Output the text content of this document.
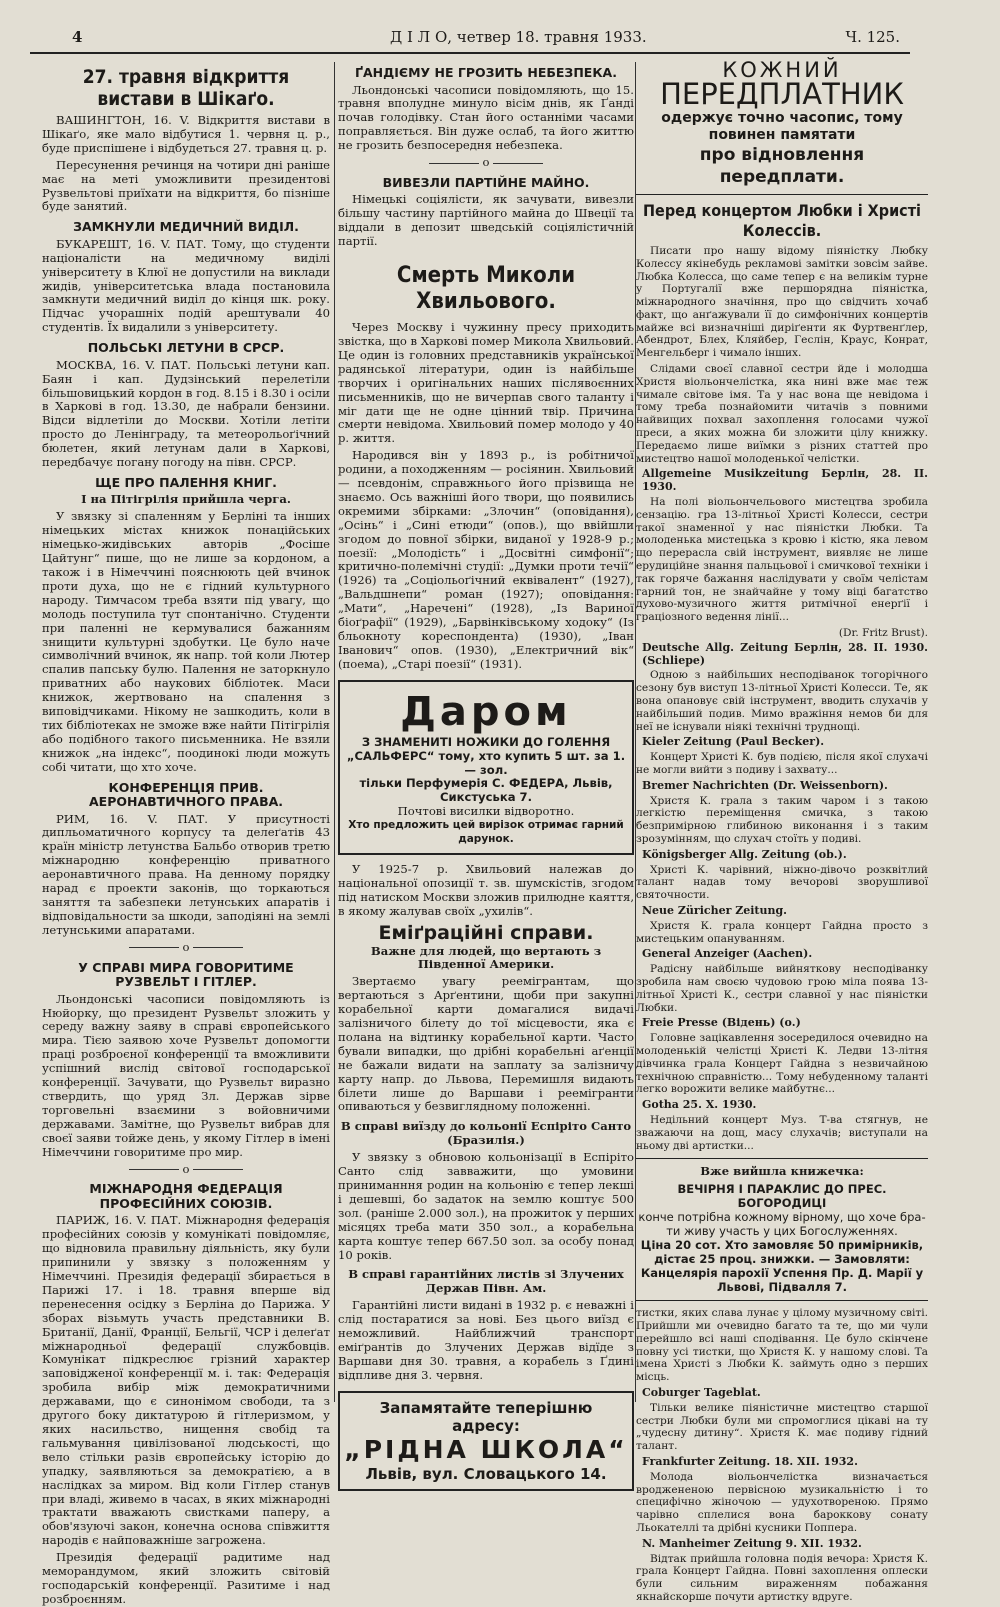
4	Д І Л О, четвер 18. травня 1933.	Ч. 125.
27. травня відкриття вистави в Шікаґо.

ВАШИНГТОН, 16. V. Відкриття вистави в Шікаґо, яке мало відбутися 1. червня ц. р., буде приспішене і відбудеться 27. травня ц. р.

Пересунення речинця на чотири дні раніше має на меті уможливити президентові Рузвельтові приїхати на відкриття, бо пізніше буде занятий.

ЗАМКНУЛИ МЕДИЧНИЙ ВИДІЛ.

БУКАРЕШТ, 16. V. ПАТ. Тому, що студенти націоналісти на медичному виділі університету в Клюї не допустили на виклади жидів, університетська влада постановила замкнути медичний виділ до кінця шк. року. Підчас учорашніх подій арештували 40 студентів. Їх видалили з університету.

ПОЛЬСЬКІ ЛЕТУНИ В СРСР.

МОСКВА, 16. V. ПАТ. Польські летуни кап. Баян і кап. Дудзінський перелетіли більшовицький кордон в год. 8.15 і 8.30 і осіли в Харкові в год. 13.30, де набрали бензини. Відси відлетіли до Москви. Хотіли летіти просто до Ленінграду, та метеорольоґічний бюлетен, який летунам дали в Харкові, передбачує погану погоду на півн. СРСР.

ЩЕ ПРО ПАЛЕННЯ КНИГ.
І на Пітігрілія прийшла черга.

У звязку зі спаленням у Берліні та інших німецьких містах книжок понаційських німецько-жидівських авторів „Фосіше Цайтунг“ пише, що не лише за кордоном, а також і в Німеччині пояснюють цей вчинок проти духа, що не є гідний культурного народу. Тимчасом треба взяти під увагу, що молодь поступила тут спонтанічно. Студенти при паленні не кермувалися бажанням знищити культурні здобутки. Це було наче символічний вчинок, як напр. той коли Лютер спалив папську булю. Палення не заторкнуло приватних або наукових бібліотек. Маси книжок, жертвовано на спалення з виповідчиками. Нікому не зашкодить, коли в тих бібліотеках не зможе вже найти Пітігрілія або подібного такого письменника. Не взяли книжок „на індекс“, поодинокі люди можуть собі читати, що хто хоче.

КОНФЕРЕНЦІЯ ПРИВ. АЕРОНАВТИЧНОГО ПРАВА.

РИМ, 16. V. ПАТ. У присутності дипльоматичного корпусу та делеґатів 43 країн міністр летунства Бальбо отворив третю міжнародню конференцію приватного аеронавтичного права. На денному порядку нарад є проекти законів, що торкаються заняття та забезпеки летунських апаратів і відповідальности за шкоди, заподіяні на землі летунськими апаратами.

o
У СПРАВІ МИРА ГОВОРИТИМЕ РУЗВЕЛЬТ І ГІТЛЕР.

Льондонські часописи повідомляють із Нюйорку, що президент Рузвельт зложить у середу важну заяву в справі європейського мира. Тією заявою хоче Рузвельт допомогти праці розброєної конференції та вможливити успішний вислід світової господарської конференції. Зачувати, що Рузвельт виразно ствердить, що уряд Зл. Держав зірве торговельні взаємини з войовничими державами. Замітне, що Рузвельт вибрав для своєї заяви тойже день, у якому Гітлер в імені Німеччини говоритиме про мир.

o
МІЖНАРОДНЯ ФЕДЕРАЦІЯ ПРОФЕСІЙНИХ СОЮЗІВ.

ПАРИЖ, 16. V. ПАТ. Міжнародня федерація професійних союзів у комунікаті повідомляє, що відновила правильну діяльність, яку були припинили у звязку з положенням у Німеччині. Президія федерації збирається в Парижі 17. і 18. травня вперше від перенесення осідку з Берліна до Парижа. У зборах візьмуть участь представники В. Британії, Данії, Франції, Бельгії, ЧСР і делеґат міжнародньої федерації службовців. Комунікат підкреслює грізний характер заповідженої конференції м. і. так: Федерація зробила вибір між демократичними державами, що є синонімом свободи, та з другого боку диктатурою й гітлеризмом, у яких насильство, нищення свобід та гальмування цивілізованої людськості, що вело стільки разів європейську історію до упадку, заявляються за демократією, а в наслідках за миром. Від коли Гітлер станув при владі, живемо в часах, в яких міжнародні трактати вважають свистками паперу, а обов'язуючі закон, конечна основа співжиття народів є найповажніше загрожена.

Президія федерації радитиме над меморандумом, який зложить світовій господарській конференції. Разитиме і над розброєнням.

ҐАНДІЄМУ НЕ ГРОЗИТЬ НЕБЕЗПЕКА.

Льондонські часописи повідомляють, що 15. травня вполудне минуло вісім днів, як Ґанді почав голодівку. Стан його останніми часами поправляється. Він дуже ослаб, та його життю не грозить безпосередня небезпека.

o
ВИВЕЗЛИ ПАРТІЙНЕ МАЙНО.

Німецькі соціялісти, як зачувати, вивезли більшу частину партійного майна до Швеції та віддали в депозит шведській соціялістичній партії.

Смерть Миколи Хвильового.

Через Москву і чужинну пресу приходить звістка, що в Харкові помер Микола Хвильовий. Це один із головних представників української радянської літератури, один із найбільше творчих і оригінальних наших післявоєнних письменників, що не вичерпав свого таланту і міг дати ще не одне цінний твір. Причина смерти невідома. Хвильовий помер молодо у 40 р. життя.

Народився він у 1893 р., із робітничої родини, а походженням — росіянин. Хвильовий — псевдонім, справжнього його прізвища не знаємо. Ось важніші його твори, що появились окремими збірками: „Злочин“ (оповідання), „Осінь“ і „Сині етюди“ (опов.), що ввійшли згодом до повної збірки, виданої у 1928-9 р.; поезії: „Молодість“ і „Досвітні симфонії“; критично-полемічні студії: „Думки проти течії“ (1926) та „Соціольоґічний еквівалент“ (1927), „Вальдшнепи“ роман (1927); оповідання: „Мати“, „Наречені“ (1928), „Із Вариної біоґрафії“ (1929), „Барвінківському ходоку“ (Із бльокноту кореспондента) (1930), „Іван Іванович“ опов. (1930), „Електричний вік“ (поема), „Старі поезії“ (1931).

Даром

З ЗНАМЕНИТІ НОЖИКИ ДО ГОЛЕННЯ

„САЛЬФЕРС“ тому, хто купить 5 шт. за 1.— зол.

тільки Перфумерія С. ФЕДЕРА, Львів,

Сикстуська 7.

Почтові висилки відворотно.

Хто предложить цей вирізок отримає гарний дарунок.

У 1925-7 р. Хвильовий належав до національної опозиції т. зв. шумскістів, згодом під натиском Москви зложив прилюдне каяття, в якому жалував своїх „ухилів“.

Еміґраційні справи.
Важне для людей, що вертають з Південної Америки.

Звертаємо увагу реемігрантам, що вертаються з Арґентини, щоби при закупні корабельної карти домагалися видачі залізничого білету до тої місцевости, яка є полана на відтинку корабельної карти. Часто бували випадки, що дрібні корабельні аґенції не бажали видати на заплату за залізничу карту напр. до Львова, Перемишля видають білети лише до Варшави і реемігранти опиваються у безвиглядному положенні.

В справі виїзду до кольонії Еспіріто Санто (Бразилія.)

У звязку з обновою кольонізації в Еспіріто Санто слід завважити, що умовини приниманння родин на кольонію є тепер лекші і дешевші, бо задаток на землю коштує 500 зол. (раніше 2.000 зол.), на прожиток у перших місяцях треба мати 350 зол., а корабельна карта коштує тепер 667.50 зол. за особу понад 10 років.

В справі гарантійних листів зі Злучених Держав Півн. Ам.

Гарантійні листи видані в 1932 р. є неважні і слід постаратися за нові. Без цього виїзд є неможливий. Найближчий транспорт еміґрантів до Злучених Держав відїде з Варшави дня 30. травня, а корабель з Ґдині відпливе дня 3. червня.

Запамятайте теперішню адресу:
„РІДНА ШКОЛА“
Львів, вул. Словацького 14.
КОЖНИЙ
ПЕРЕДПЛАТНИК
одержує точно часопис, тому повинен памятати
про відновлення передплати.
Перед концертом Любки і Христі Колессів.

Писати про нашу відому піяністку Любку Колессу якінебудь рекламові замітки зовсім зайве. Любка Колесса, що саме тепер є на великім турне у Португалії вже першорядна піяністка, міжнародного значіння, про що свідчить хочаб факт, що анґажували її до симфонічних концертів майже всі визначніші диріґенти як Фуртвенґлер, Абендрот, Блех, Кляйбер, Геслін, Краус, Конрат, Менгельберг і чимало інших.

Слідами своєї славної сестри йде і молодша Христя віольончелістка, яка нині вже має теж чимале світове імя. Та у нас вона ще невідома і тому треба познайомити читачів з повними найвищих похвал захоплення голосами чужої преси, а яких можна би зложити цілу книжку. Передаємо лише виїмки з різних статтей про мистецтво нашої молоденької челістки.

Allgemeine Musikzeitung Берлін, 28. ІІ. 1930.

На полі віольончельового мистецтва зробила сензацію. гра 13-літньої Христі Колесси, сестри такої знаменної у нас піяністки Любки. Та молоденька мистецька з кровю і кістю, яка левом що перерасла свій інструмент, виявляє не лише ерудиційне знання пальцьової і смичкової техніки і так горяче бажання наслідувати у своїм челістам гарний тон, не знайчайне у тому віці багатство духово-музичного життя ритмічної енерґії і граціозного ведення лінії...

(Dr. Fritz Brust).

Deutsche Allg. Zeitung Берлін, 28. ІІ. 1930. (Schliepe)

Одною з найбільших несподіванок тогорічного сезону був виступ 13-літньої Христі Колесси. Те, як вона опановує свій інструмент, вводить слухачів у найбільший подив. Мимо вражіння немов би для неї не існували ніякі технічні труднощі.

Kieler Zeitung (Paul Becker).

Концерт Христі К. був подією, після якої слухачі не могли вийти з подиву і захвату...

Bremer Nachrichten (Dr. Weissenborn).

Христя К. грала з таким чаром і з такою легкістю переміщення смичка, з такою безпримірною глибиною виконання і з таким зрозумінням, що слухач стоїть у подиві.

Königsberger Allg. Zeitung (ob.).

Христі К. чарівний, ніжно-дівочо розквітлий талант надав тому вечорові зворушливої святочности.

Neue Züricher Zeitung.

Христя К. грала концерт Гайдна просто з мистецьким опануванням.

General Anzeiger (Aachen).

Радісну найбільше вийняткову несподіванку зробила нам своєю чудовою грою міла поява 13-літньої Христі К., сестри славної у нас піяністки Любки.

Freie Presse (Відень) (о.)

Головне зацікавлення зосередилося очевидно на молоденькій челістці Христі К. Ледви 13-літня дівчинка грала Концерт Гайдна з незвичайною технічною справністю... Тому небуденному таланті легко ворожити велике майбутнє...

Gotha 25. X. 1930.

Недільний концерт Муз. Т-ва стягнув, не зважаючи на дощ, масу слухачів; виступали на ньому дві артистки...

Вже вийшла книжечка:
ВЕЧІРНЯ І ПАРАКЛИС ДО ПРЕС. БОГОРОДИЦІ
конче потрібна кожному вірному, що хоче бра-ти живу участь у цих Богослуженнях.
Ціна 20 сот. Хто замовляє 50 примірників, дістає 25 проц. знижки. — Замовляти: Канцелярія парохії Успення Пр. Д. Марії у Львові, Підвалля 7.

тистки, яких слава лунає у цілому музичному світі. Прийшли ми очевидно багато та те, що ми чули перейшло всі наші сподівання. Це було скінчене повну усі тистки, що Христя К. у нашому слові. Та імена Христі з Любки К. займуть одно з перших місць.

Coburger Tageblat.

Тільки велике піяністичне мистецтво старшої сестри Любки були ми спромоглися цікаві на ту „чудесну дитину“. Христя К. має подиву гідний талант.

Frankfurter Zeitung. 18. XII. 1932.

Молода віольончелістка визначається вроджененою первісною музикальністю і то специфічно жіночою — удухотвореною. Прямо чарівно сплелися вона бароккову сонату Льокателлі та дрібні кусники Поппера.

N. Manheimer Zeitung 9. XII. 1932.

Відтак прийшла головна подія вечора: Христя К. грала Концерт Гайдна. Повні захоплення оплески були сильним вираженням побажання якнайскорше почути артистку вдруге.
